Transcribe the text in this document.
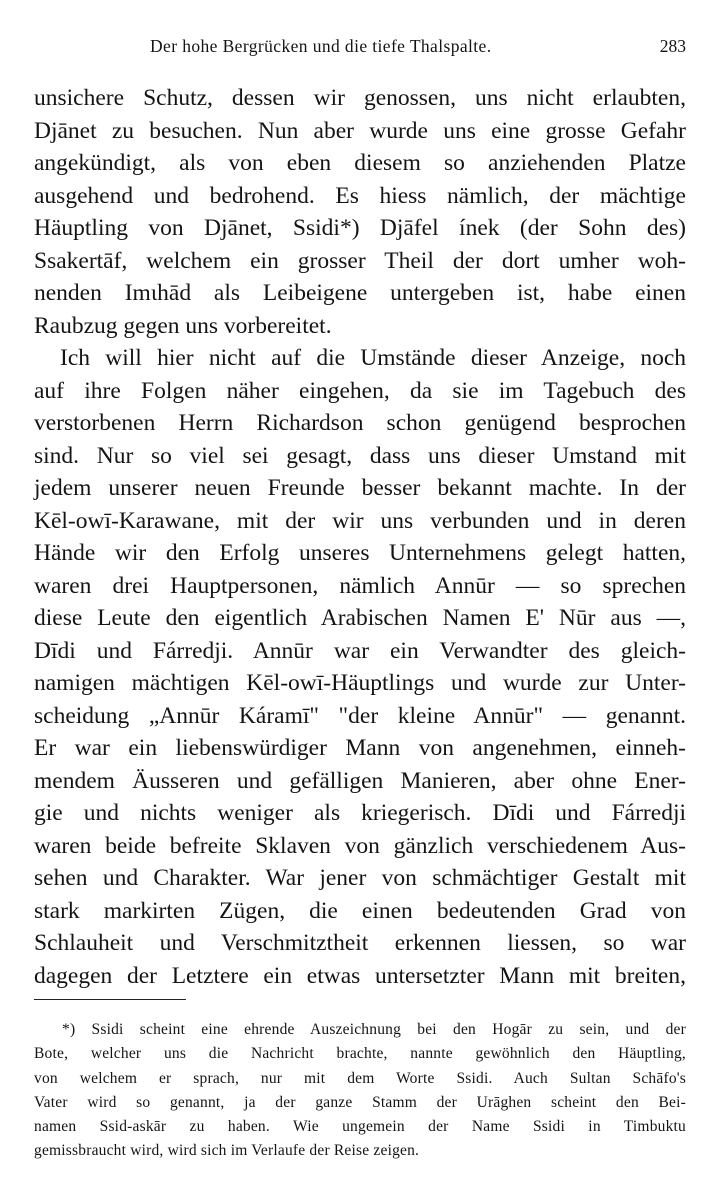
Der hohe Bergrücken und die tiefe Thalspalte.	283
unsichere Schutz, dessen wir genossen, uns nicht erlaubten,
Djānet zu besuchen. Nun aber wurde uns eine grosse Gefahr
angekündigt, als von eben diesem so anziehenden Platze
ausgehend und bedrohend. Es hiess nämlich, der mächtige
Häuptling von Djānet, Ssidi*) Djāfel ínek (der Sohn des)
Ssakertāf, welchem ein grosser Theil der dort umher woh-
nenden Imɩhād als Leibeigene untergeben ist, habe einen
Raubzug gegen uns vorbereitet.
Ich will hier nicht auf die Umstände dieser Anzeige, noch
auf ihre Folgen näher eingehen, da sie im Tagebuch des
verstorbenen Herrn Richardson schon genügend besprochen
sind. Nur so viel sei gesagt, dass uns dieser Umstand mit
jedem unserer neuen Freunde besser bekannt machte. In der
Kēl-owī-Karawane, mit der wir uns verbunden und in deren
Hände wir den Erfolg unseres Unternehmens gelegt hatten,
waren drei Hauptpersonen, nämlich Annūr — so sprechen
diese Leute den eigentlich Arabischen Namen E' Nūr aus —,
Dīdi und Fárredji. Annūr war ein Verwandter des gleich-
namigen mächtigen Kēl-owī-Häuptlings und wurde zur Unter-
scheidung „Annūr Káramī" "der kleine Annūr" — genannt.
Er war ein liebenswürdiger Mann von angenehmen, einneh-
mendem Äusseren und gefälligen Manieren, aber ohne Ener-
gie und nichts weniger als kriegerisch. Dīdi und Fárredji
waren beide befreite Sklaven von gänzlich verschiedenem Aus-
sehen und Charakter. War jener von schmächtiger Gestalt mit
stark markirten Zügen, die einen bedeutenden Grad von
Schlauheit und Verschmitztheit erkennen liessen, so war
dagegen der Letztere ein etwas untersetzter Mann mit breiten,
*) Ssidi scheint eine ehrende Auszeichnung bei den Hogār zu sein, und der
Bote, welcher uns die Nachricht brachte, nannte gewöhnlich den Häuptling,
von welchem er sprach, nur mit dem Worte Ssidi. Auch Sultan Schāfo's
Vater wird so genannt, ja der ganze Stamm der Urāghen scheint den Bei-
namen Ssid-askār zu haben. Wie ungemein der Name Ssidi in Timbuktu
gemissbraucht wird, wird sich im Verlaufe der Reise zeigen.
